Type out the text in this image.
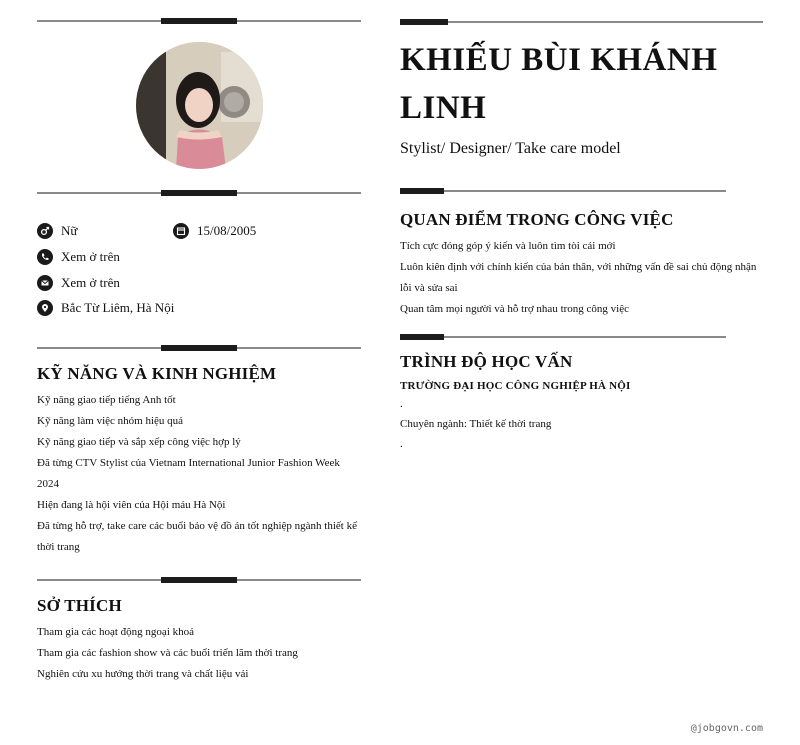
Nữ	15/08/2005
Xem ở trên
Xem ở trên
Bắc Từ Liêm, Hà Nội
KỸ NĂNG VÀ KINH NGHIỆM
Kỹ năng giao tiếp tiếng Anh tốt
Kỹ năng làm việc nhóm hiệu quả
Kỹ năng giao tiếp và sắp xếp công việc hợp lý
Đã từng CTV Stylist của Vietnam International Junior Fashion Week 2024
Hiện đang là hội viên của Hội máu Hà Nội
Đã từng hỗ trợ, take care các buổi bảo vệ đồ án tốt nghiệp ngành thiết kế thời trang
SỞ THÍCH
Tham gia các hoạt động ngoại khoá
Tham gia các fashion show và các buổi triển lãm thời trang
Nghiên cứu xu hướng thời trang và chất liệu vải
KHIẾU BÙI KHÁNH LINH
Stylist/ Designer/ Take care model
QUAN ĐIỂM TRONG CÔNG VIỆC
Tích cực đóng góp ý kiến và luôn tìm tòi cái mới
Luôn kiên định với chính kiến của bản thân, với những vấn đề sai chủ động nhận lỗi và sửa sai
Quan tâm mọi người và hỗ trợ nhau trong công việc
TRÌNH ĐỘ HỌC VẤN
TRƯỜNG ĐẠI HỌC CÔNG NGHIỆP HÀ NỘI
.
Chuyên ngành: Thiết kế thời trang
.
@jobgovn.com
